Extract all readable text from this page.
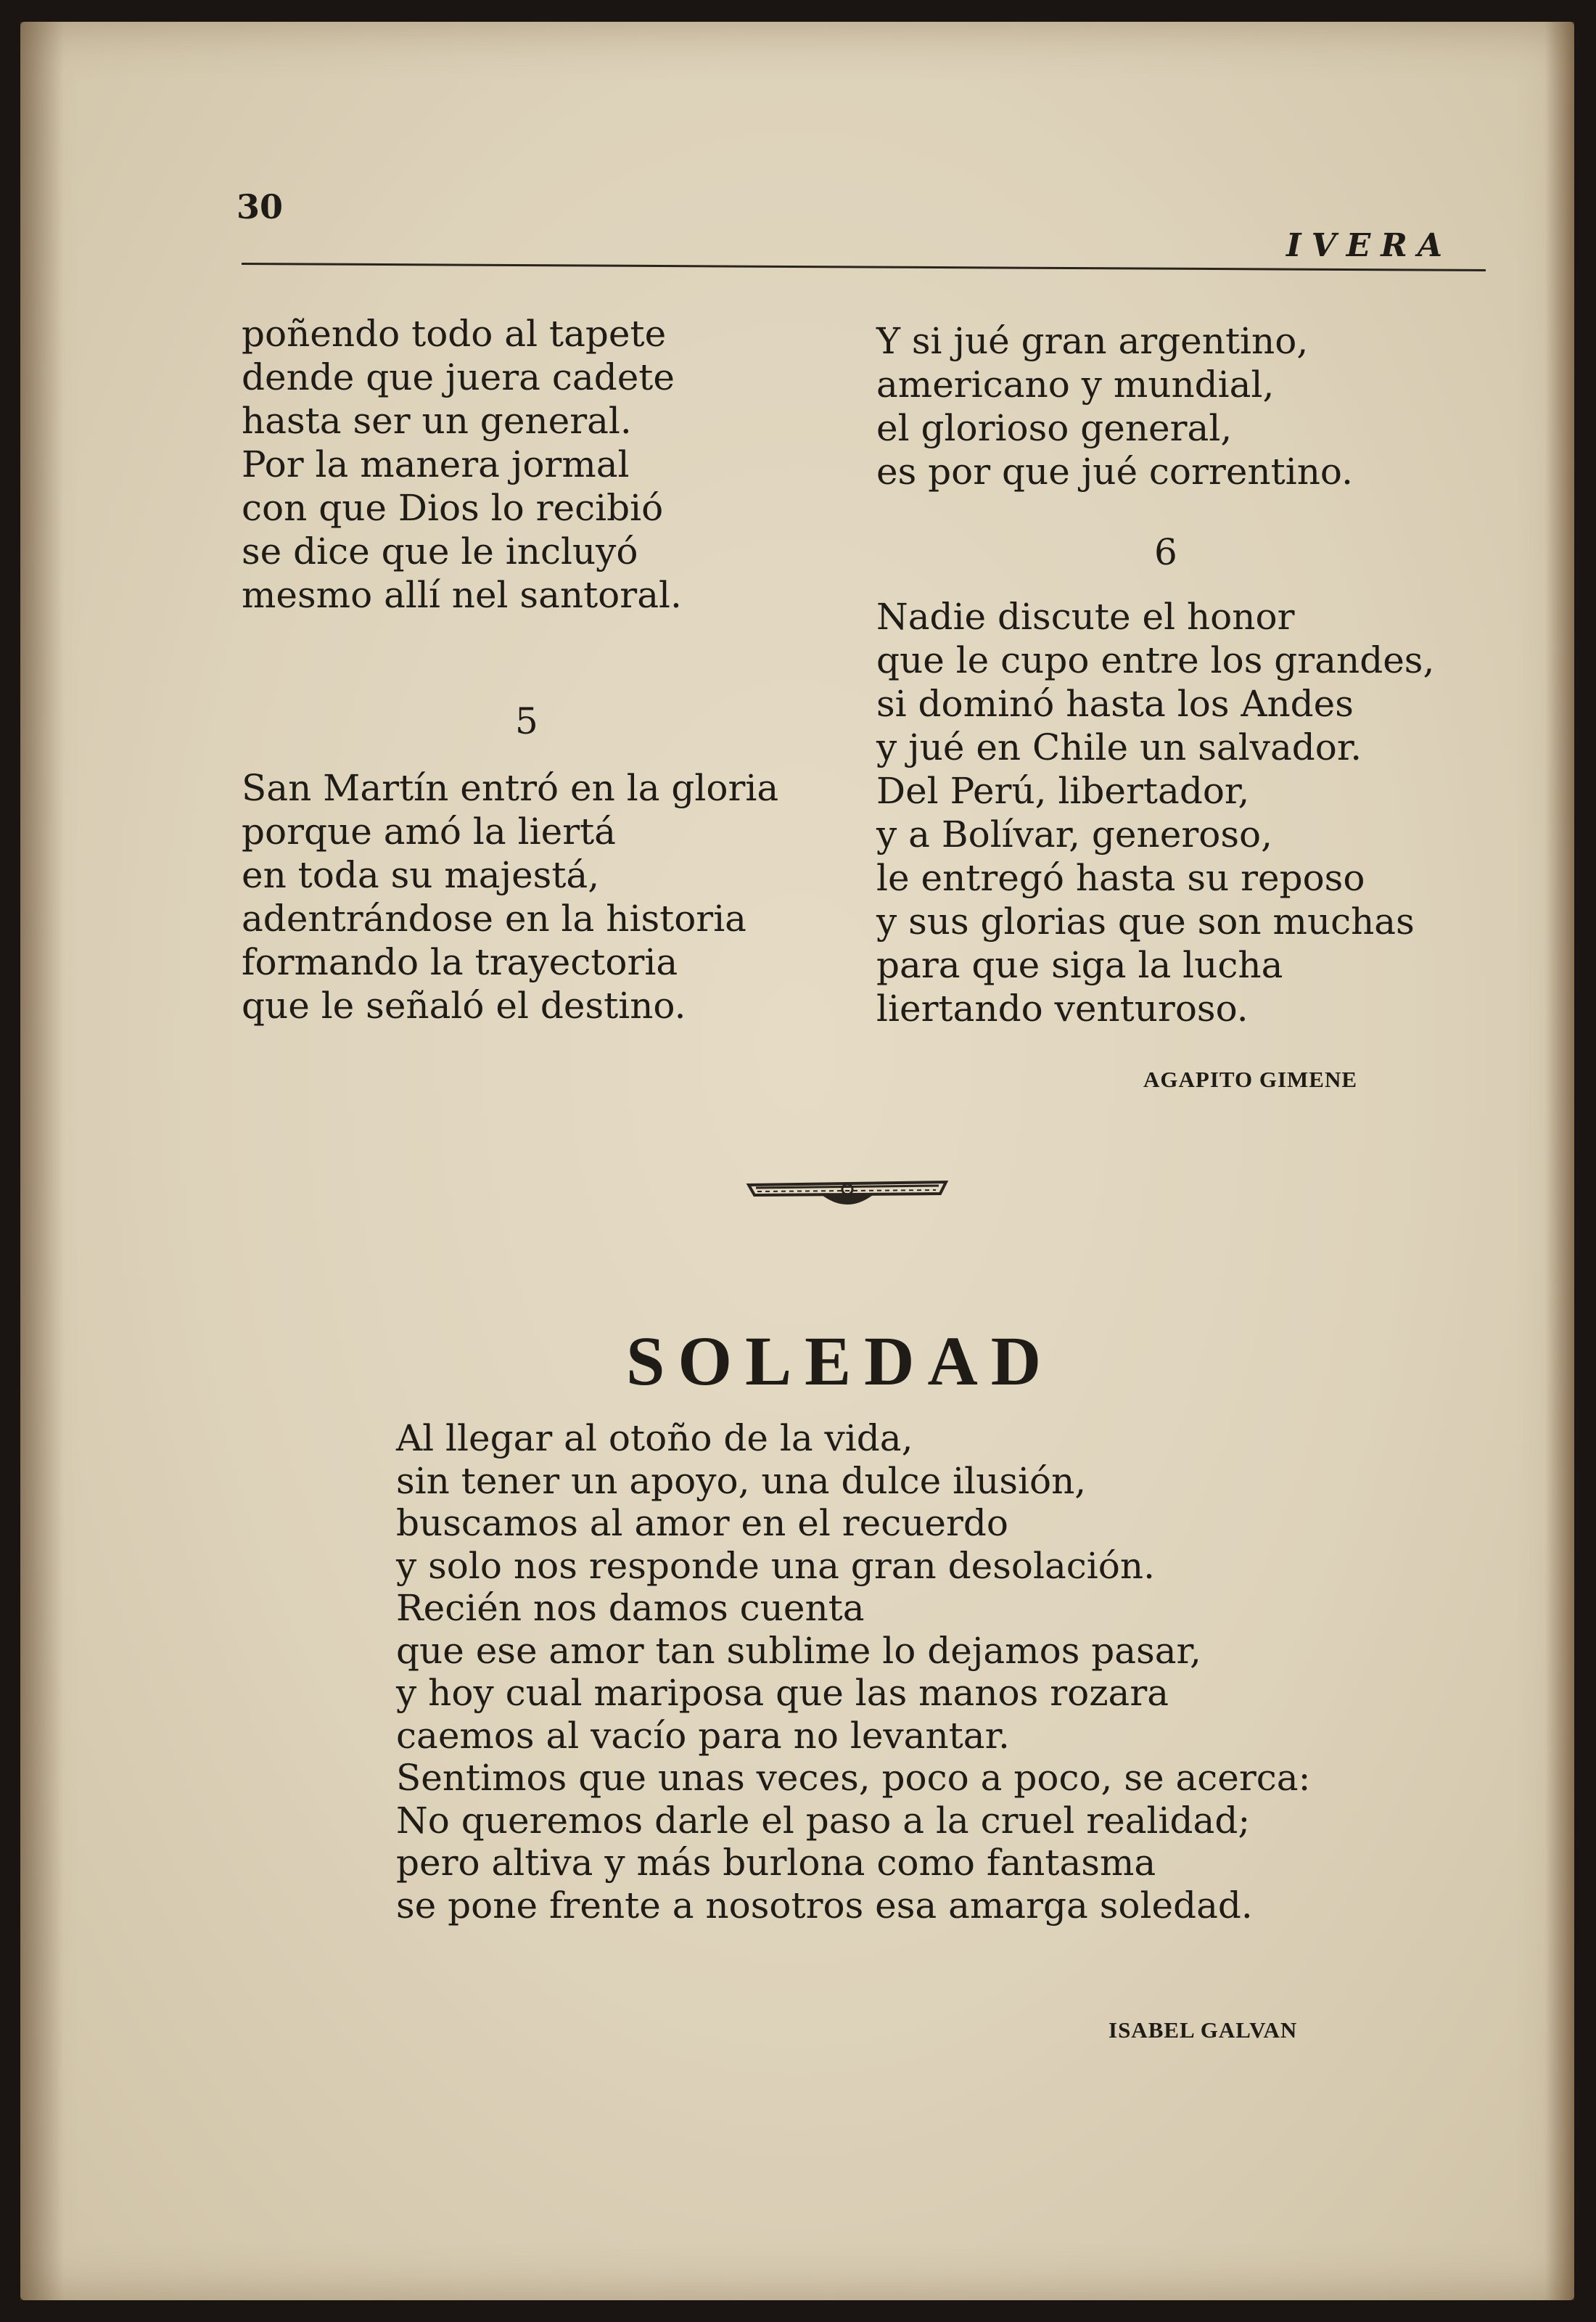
30
IVERA
poñendo todo al tapete
dende que juera cadete
hasta ser un general.
Por la manera jormal
con que Dios lo recibió
se dice que le incluyó
mesmo allí nel santoral.
5
San Martín entró en la gloria
porque amó la liertá
en toda su majestá,
adentrándose en la historia
formando la trayectoria
que le señaló el destino.
Y si jué gran argentino,
americano y mundial,
el glorioso general,
es por que jué correntino.
6
Nadie discute el honor
que le cupo entre los grandes,
si dominó hasta los Andes
y jué en Chile un salvador.
Del Perú, libertador,
y a Bolívar, generoso,
le entregó hasta su reposo
y sus glorias que son muchas
para que siga la lucha
liertando venturoso.
AGAPITO GIMENE
SOLEDAD
Al llegar al otoño de la vida,
sin tener un apoyo, una dulce ilusión,
buscamos al amor en el recuerdo
y solo nos responde una gran desolación.
Recién nos damos cuenta
que ese amor tan sublime lo dejamos pasar,
y hoy cual mariposa que las manos rozara
caemos al vacío para no levantar.
Sentimos que unas veces, poco a poco, se acerca:
No queremos darle el paso a la cruel realidad;
pero altiva y más burlona como fantasma
se pone frente a nosotros esa amarga soledad.
ISABEL GALVAN
